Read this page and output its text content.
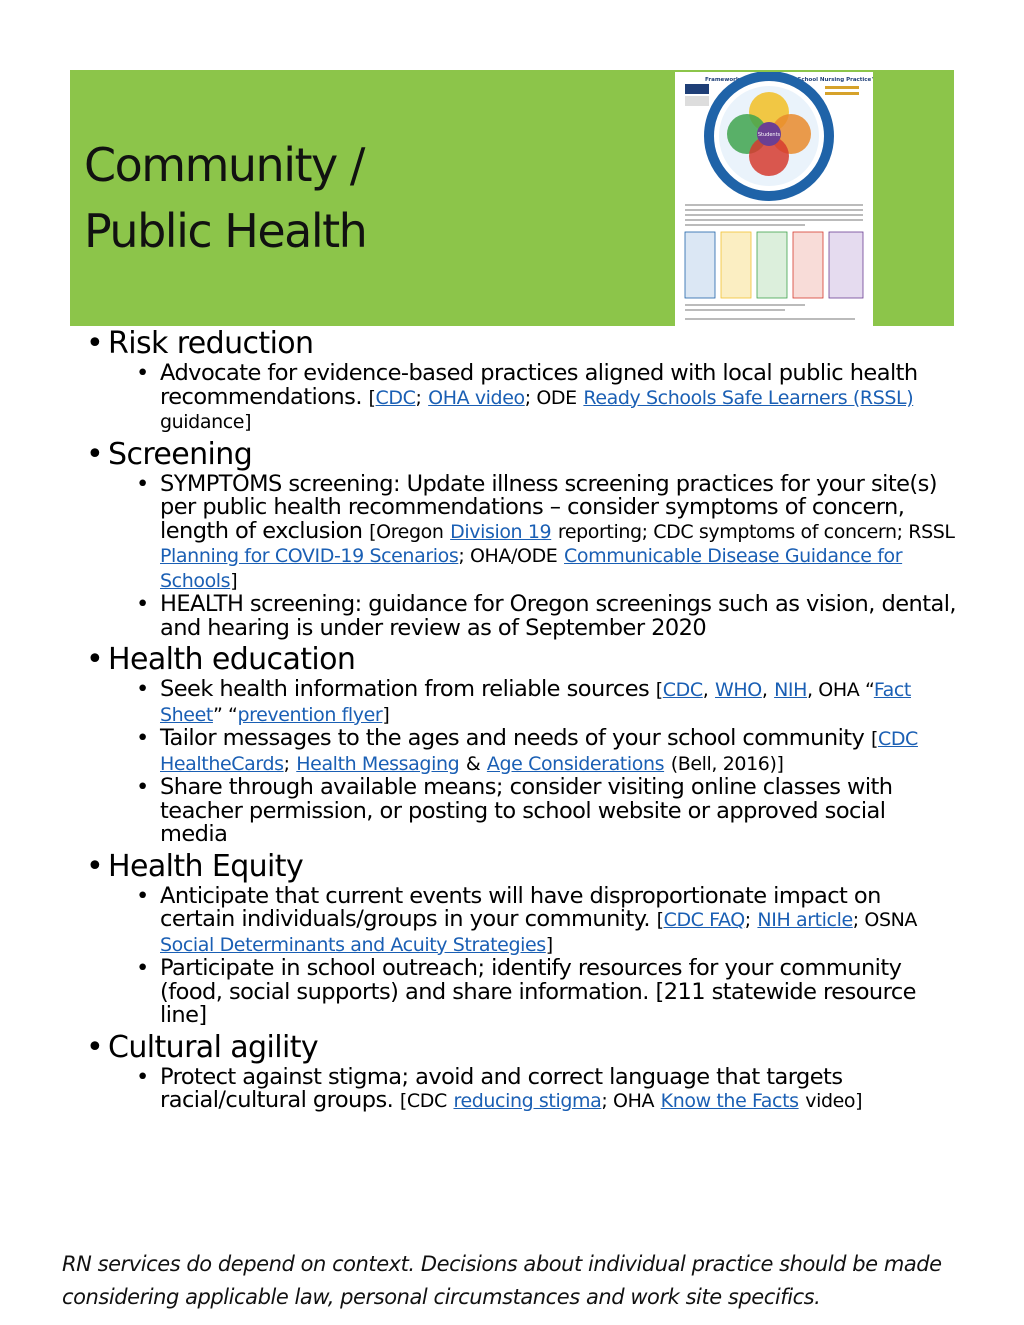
Community /
Public Health
Frameworks for 21st Century School Nursing Practice™
Students
• Risk reduction
• Advocate for evidence-based practices aligned with local public health recommendations. [CDC; OHA video; ODE Ready Schools Safe Learners (RSSL) guidance]
• Screening
• SYMPTOMS screening: Update illness screening practices for your site(s) per public health recommendations – consider symptoms of concern, length of exclusion [Oregon Division 19 reporting; CDC symptoms of concern; RSSL Planning for COVID-19 Scenarios; OHA/ODE Communicable Disease Guidance for Schools]
• HEALTH screening: guidance for Oregon screenings such as vision, dental, and hearing is under review as of September 2020
• Health education
• Seek health information from reliable sources [CDC, WHO, NIH, OHA “Fact Sheet” “prevention flyer]
• Tailor messages to the ages and needs of your school community [CDC HealtheCards; Health Messaging & Age Considerations (Bell, 2016)]
• Share through available means; consider visiting online classes with teacher permission, or posting to school website or approved social media
• Health Equity
• Anticipate that current events will have disproportionate impact on certain individuals/groups in your community. [CDC FAQ; NIH article; OSNA Social Determinants and Acuity Strategies]
• Participate in school outreach; identify resources for your community (food, social supports) and share information. [211 statewide resource line]
• Cultural agility
• Protect against stigma; avoid and correct language that targets racial/cultural groups. [CDC reducing stigma; OHA Know the Facts video]
RN services do depend on context. Decisions about individual practice should be made considering applicable law, personal circumstances and work site specifics.
